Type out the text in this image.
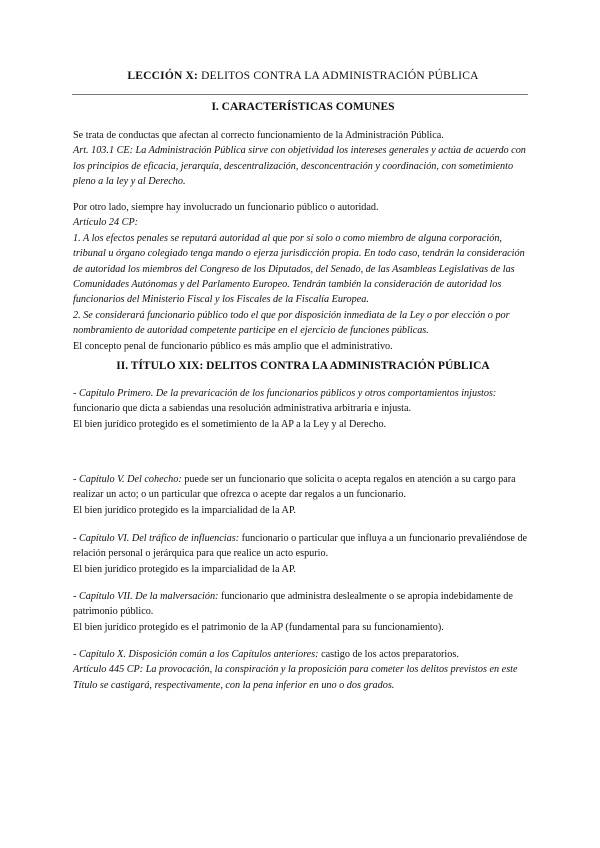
LECCIÓN X: DELITOS CONTRA LA ADMINISTRACIÓN PÚBLICA
I. CARACTERÍSTICAS COMUNES

Se trata de conductas que afectan al correcto funcionamiento de la Administración Pública.

Art. 103.1 CE: La Administración Pública sirve con objetividad los intereses generales y actúa de acuerdo con los principios de eficacia, jerarquía, descentralización, desconcentración y coordinación, con sometimiento pleno a la ley y al Derecho.

Por otro lado, siempre hay involucrado un funcionario público o autoridad.

Artículo 24 CP:

1. A los efectos penales se reputará autoridad al que por sí solo o como miembro de alguna corporación, tribunal u órgano colegiado tenga mando o ejerza jurisdicción propia. En todo caso, tendrán la consideración de autoridad los miembros del Congreso de los Diputados, del Senado, de las Asambleas Legislativas de las Comunidades Autónomas y del Parlamento Europeo. Tendrán también la consideración de autoridad los funcionarios del Ministerio Fiscal y los Fiscales de la Fiscalía Europea.

2. Se considerará funcionario público todo el que por disposición inmediata de la Ley o por elección o por nombramiento de autoridad competente participe en el ejercicio de funciones públicas.

El concepto penal de funcionario público es más amplio que el administrativo.

II. TÍTULO XIX: DELITOS CONTRA LA ADMINISTRACIÓN PÚBLICA

- Capítulo Primero. De la prevaricación de los funcionarios públicos y otros comportamientos injustos: funcionario que dicta a sabiendas una resolución administrativa arbitraria e injusta.

El bien jurídico protegido es el sometimiento de la AP a la Ley y al Derecho.

- Capítulo V. Del cohecho: puede ser un funcionario que solicita o acepta regalos en atención a su cargo para realizar un acto; o un particular que ofrezca o acepte dar regalos a un funcionario.

El bien jurídico protegido es la imparcialidad de la AP.

- Capítulo VI. Del tráfico de influencias: funcionario o particular que influya a un funcionario prevaliéndose de relación personal o jerárquica para que realice un acto espurio.

El bien jurídico protegido es la imparcialidad de la AP.

- Capítulo VII. De la malversación: funcionario que administra deslealmente o se apropia indebidamente de patrimonio público.

El bien jurídico protegido es el patrimonio de la AP (fundamental para su funcionamiento).

- Capítulo X. Disposición común a los Capítulos anteriores: castigo de los actos preparatorios.

Artículo 445 CP: La provocación, la conspiración y la proposición para cometer los delitos previstos en este Título se castigará, respectivamente, con la pena inferior en uno o dos grados.
